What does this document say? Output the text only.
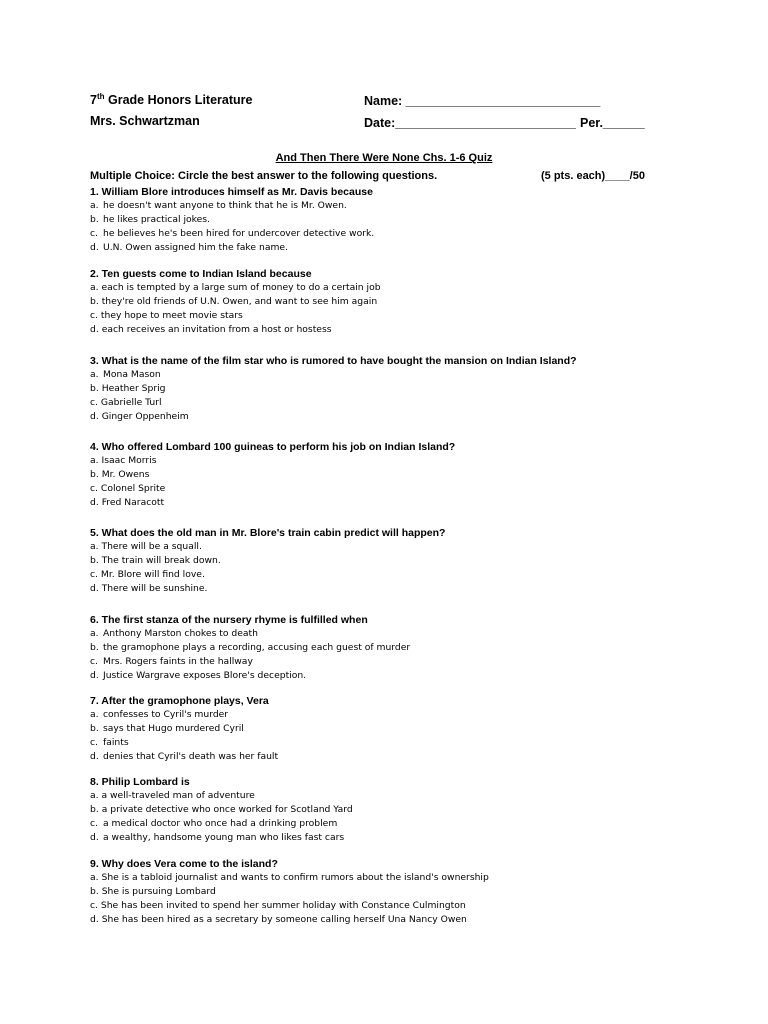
7th Grade Honors Literature
Mrs. Schwartzman
Name: ____________________________
Date:__________________________ Per.______
And Then There Were None Chs. 1-6 Quiz
Multiple Choice: Circle the best answer to the following questions.	(5 pts. each)____/50
1. William Blore introduces himself as Mr. Davis because
a. he doesn't want anyone to think that he is Mr. Owen.
b. he likes practical jokes.
c. he believes he's been hired for undercover detective work.
d. U.N. Owen assigned him the fake name.
2. Ten guests come to Indian Island because
a. each is tempted by a large sum of money to do a certain job
b. they're old friends of U.N. Owen, and want to see him again
c. they hope to meet movie stars
d. each receives an invitation from a host or hostess
3. What is the name of the film star who is rumored to have bought the mansion on Indian Island?
a. Mona Mason
b. Heather Sprig
c. Gabrielle Turl
d. Ginger Oppenheim
4. Who offered Lombard 100 guineas to perform his job on Indian Island?
a. Isaac Morris
b. Mr. Owens
c. Colonel Sprite
d. Fred Naracott
5. What does the old man in Mr. Blore's train cabin predict will happen?
a. There will be a squall.
b. The train will break down.
c. Mr. Blore will find love.
d. There will be sunshine.
6. The first stanza of the nursery rhyme is fulfilled when
a. Anthony Marston chokes to death
b. the gramophone plays a recording, accusing each guest of murder
c. Mrs. Rogers faints in the hallway
d. Justice Wargrave exposes Blore's deception.
7. After the gramophone plays, Vera
a. confesses to Cyril's murder
b. says that Hugo murdered Cyril
c. faints
d. denies that Cyril's death was her fault
8. Philip Lombard is
a. a well-traveled man of adventure
b. a private detective who once worked for Scotland Yard
c. a medical doctor who once had a drinking problem
d. a wealthy, handsome young man who likes fast cars
9. Why does Vera come to the island?
a. She is a tabloid journalist and wants to confirm rumors about the island's ownership
b. She is pursuing Lombard
c. She has been invited to spend her summer holiday with Constance Culmington
d. She has been hired as a secretary by someone calling herself Una Nancy Owen
